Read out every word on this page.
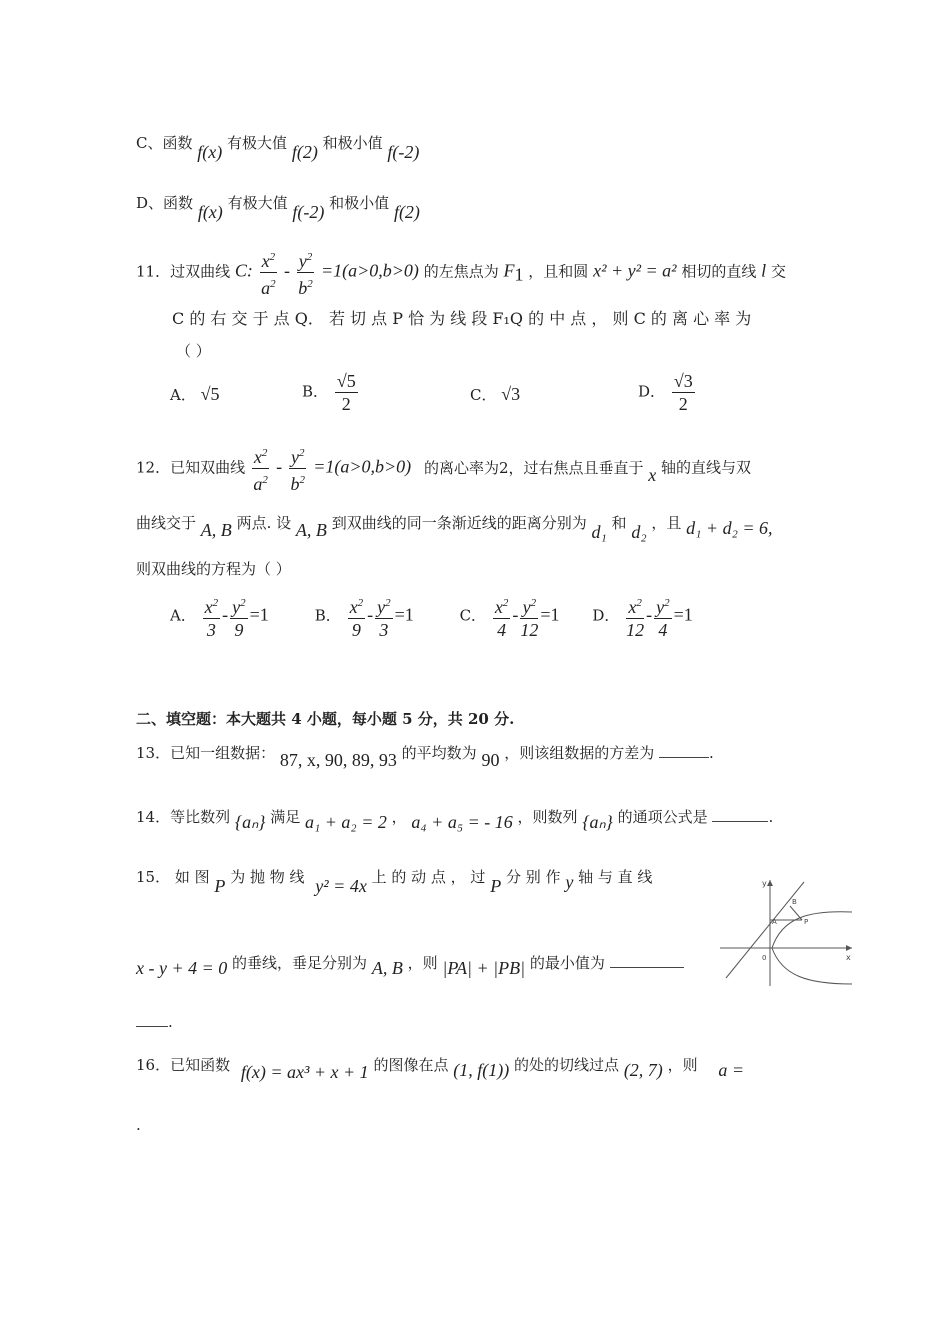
C、函数 f(x) 有极大值 f(2) 和极小值 f(-2)
D、函数 f(x) 有极大值 f(-2) 和极小值 f(2)
11．过双曲线 C: $\frac{x^2}{a^2} - \frac{y^2}{b^2} =1(a>0,b>0)$ 的左焦点为 $F_1$ ，且和圆 x² + y² = a² 相切的直线 l 交
C 的 右 交 于 点 Q． 若 切 点 P 恰 为 线 段 F₁Q 的 中 点 ， 则 C 的 离 心 率 为
（ ）
A． √5	B． $\frac{√5}{2}$	C． √3	D． $\frac{√3}{2}$
12．已知双曲线 $\frac{x^2}{a^2} - \frac{y^2}{b^2} =1(a>0,b>0)$ 的离心率为2，过右焦点且垂直于 x 轴的直线与双
曲线交于 A, B 两点. 设 A, B 到双曲线的同一条渐近线的距离分别为 d₁ 和 d₂ ，且 d₁ + d₂ = 6,
则双曲线的方程为（ ）
A． $\frac{x^2}{3} - \frac{y^2}{9} =1$	B． $\frac{x^2}{9} - \frac{y^2}{3} =1$	C． $\frac{x^2}{4} - \frac{y^2}{12} =1$ D． $\frac{x^2}{12} - \frac{y^2}{4} =1$
二、填空题：本大题共 4 小题，每小题 5 分，共 20 分.
13．已知一组数据： 87, x, 90, 89, 93 的平均数为 90 ，则该组数据的方差为	.
14．等比数列 {aₙ} 满足 a₁ + a₂ = 2 ， a₄ + a₅ = - 16 ，则数列 {aₙ} 的通项公式是	.
15． 如 图 P 为 抛 物 线 y² = 4x 上 的 动 点 ， 过 P 分 别 作 y 轴 与 直 线
x - y + 4 = 0 的垂线，垂足分别为 A, B ，则 |PA| + |PB| 的最小值为
.
y
x
0
A
B
P
16．已知函数 f(x) = ax³ + x + 1 的图像在点 (1, f(1)) 的处的切线过点 (2, 7) ，则 a =
.
